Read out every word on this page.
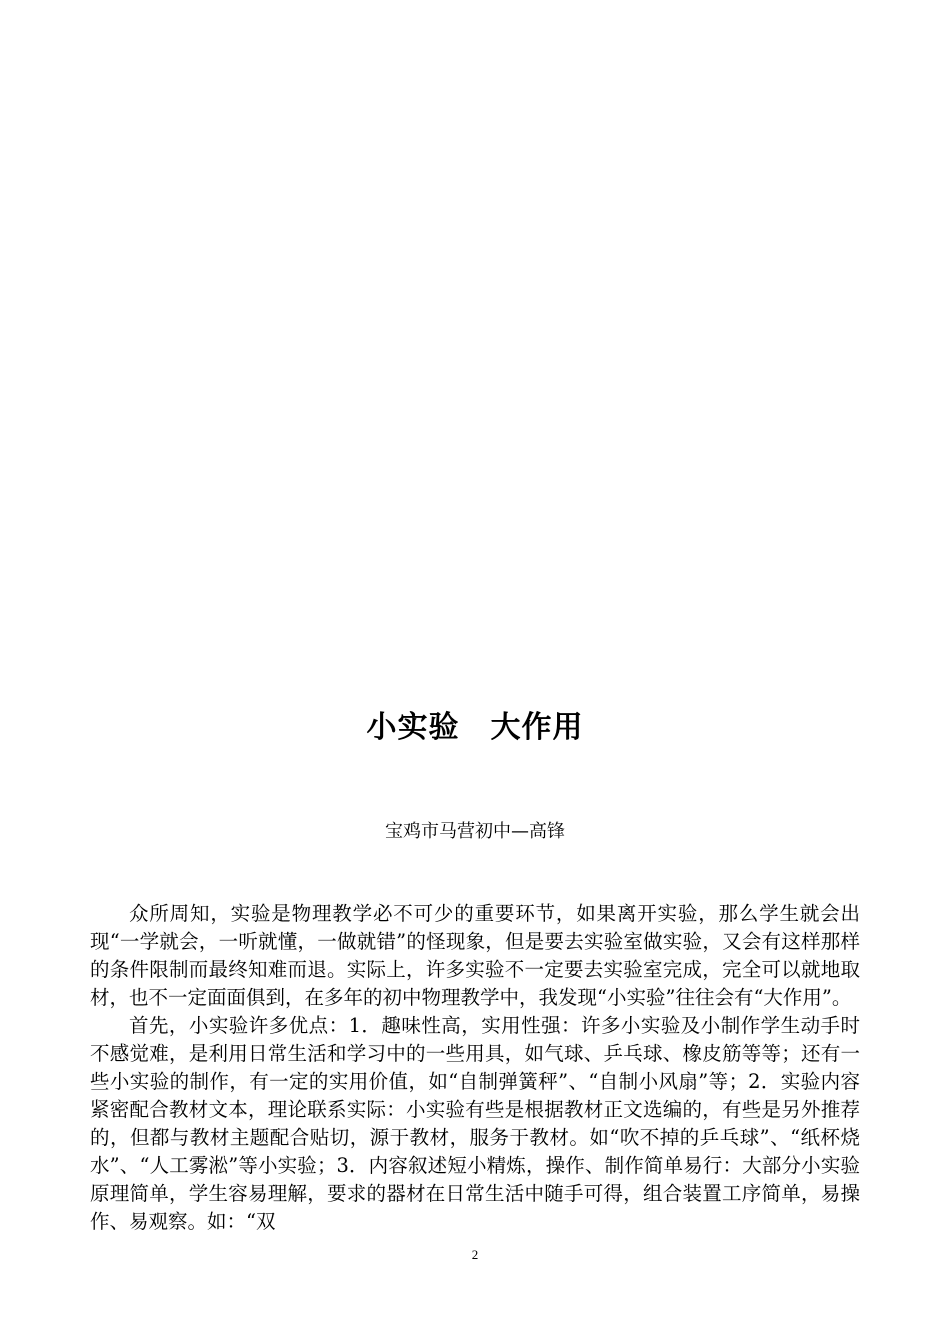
小实验　大作用
宝鸡市马营初中—高锋

众所周知，实验是物理教学必不可少的重要环节，如果离开实验，那么学生就会出现“一学就会，一听就懂，一做就错”的怪现象，但是要去实验室做实验，又会有这样那样的条件限制而最终知难而退。实际上，许多实验不一定要去实验室完成，完全可以就地取材，也不一定面面俱到，在多年的初中物理教学中，我发现“小实验”往往会有“大作用”。

首先，小实验许多优点：1．趣味性高，实用性强：许多小实验及小制作学生动手时不感觉难，是利用日常生活和学习中的一些用具，如气球、乒乓球、橡皮筋等等；还有一些小实验的制作，有一定的实用价值，如“自制弹簧秤”、“自制小风扇”等；2．实验内容紧密配合教材文本，理论联系实际：小实验有些是根据教材正文选编的，有些是另外推荐的，但都与教材主题配合贴切，源于教材，服务于教材。如“吹不掉的乒乓球”、“纸杯烧水”、“人工雾淞”等小实验；3．内容叙述短小精炼，操作、制作简单易行：大部分小实验原理简单，学生容易理解，要求的器材在日常生活中随手可得，组合装置工序简单，易操作、易观察。如：“双

2
